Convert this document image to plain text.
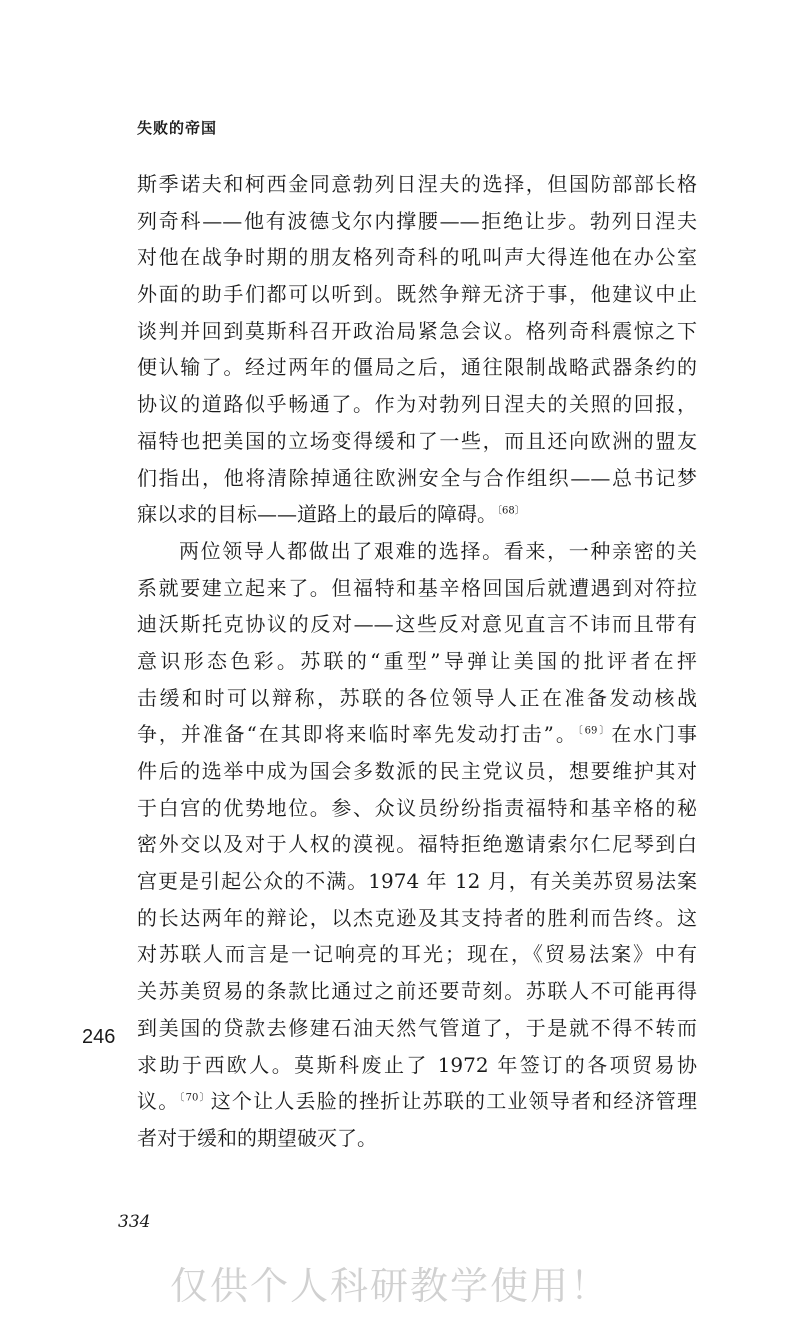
失败的帝国
斯季诺夫和柯西金同意勃列日涅夫的选择，但国防部部长格
列奇科——他有波德戈尔内撑腰——拒绝让步。勃列日涅夫
对他在战争时期的朋友格列奇科的吼叫声大得连他在办公室
外面的助手们都可以听到。既然争辩无济于事，他建议中止
谈判并回到莫斯科召开政治局紧急会议。格列奇科震惊之下
便认输了。经过两年的僵局之后，通往限制战略武器条约的
协议的道路似乎畅通了。作为对勃列日涅夫的关照的回报，
福特也把美国的立场变得缓和了一些，而且还向欧洲的盟友
们指出，他将清除掉通往欧洲安全与合作组织——总书记梦
寐以求的目标——道路上的最后的障碍。$^{〔68〕}$
两位领导人都做出了艰难的选择。看来，一种亲密的关
系就要建立起来了。但福特和基辛格回国后就遭遇到对符拉
迪沃斯托克协议的反对——这些反对意见直言不讳而且带有
意识形态色彩。苏联的“重型”导弹让美国的批评者在抨
击缓和时可以辩称，苏联的各位领导人正在准备发动核战
争，并准备“在其即将来临时率先发动打击”。$^{〔69〕}$在水门事
件后的选举中成为国会多数派的民主党议员，想要维护其对
于白宫的优势地位。参、众议员纷纷指责福特和基辛格的秘
密外交以及对于人权的漠视。福特拒绝邀请索尔仁尼琴到白
宫更是引起公众的不满。1974 年 12 月，有关美苏贸易法案
的长达两年的辩论，以杰克逊及其支持者的胜利而告终。这
对苏联人而言是一记响亮的耳光；现在，《贸易法案》中有
关苏美贸易的条款比通过之前还要苛刻。苏联人不可能再得
到美国的贷款去修建石油天然气管道了，于是就不得不转而
求助于西欧人。莫斯科废止了 1972 年签订的各项贸易协
议。$^{〔70〕}$这个让人丢脸的挫折让苏联的工业领导者和经济管理
者对于缓和的期望破灭了。
246
334
仅供个人科研教学使用！
